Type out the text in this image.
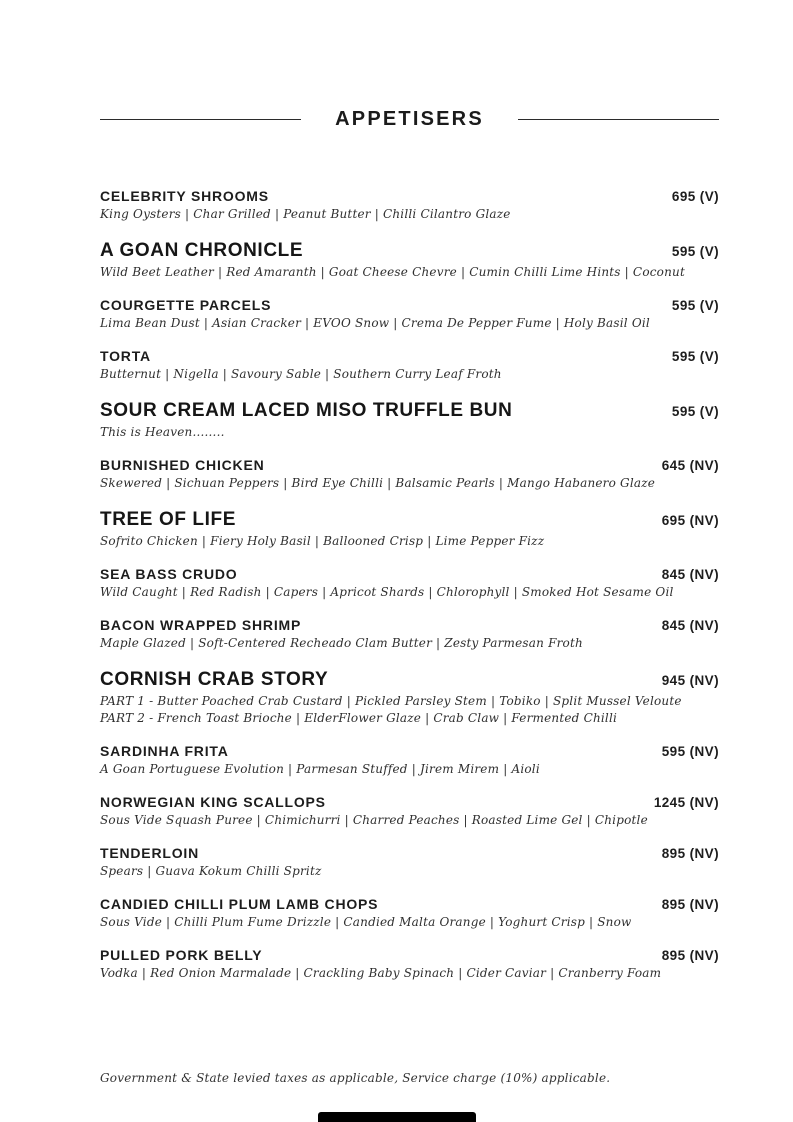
APPETISERS
CELEBRITY SHROOMS	695 (V)
King Oysters | Char Grilled | Peanut Butter | Chilli Cilantro Glaze
A GOAN CHRONICLE	595 (V)
Wild Beet Leather | Red Amaranth | Goat Cheese Chevre | Cumin Chilli Lime Hints | Coconut
COURGETTE PARCELS	595 (V)
Lima Bean Dust | Asian Cracker | EVOO Snow | Crema De Pepper Fume | Holy Basil Oil
TORTA	595 (V)
Butternut | Nigella | Savoury Sable | Southern Curry Leaf Froth
SOUR CREAM LACED MISO TRUFFLE BUN	595 (V)
This is Heaven........
BURNISHED CHICKEN	645 (NV)
Skewered | Sichuan Peppers | Bird Eye Chilli | Balsamic Pearls | Mango Habanero Glaze
TREE OF LIFE	695 (NV)
Sofrito Chicken | Fiery Holy Basil | Ballooned Crisp | Lime Pepper Fizz
SEA BASS CRUDO	845 (NV)
Wild Caught | Red Radish | Capers | Apricot Shards | Chlorophyll | Smoked Hot Sesame Oil
BACON WRAPPED SHRIMP	845 (NV)
Maple Glazed | Soft-Centered Recheado Clam Butter | Zesty Parmesan Froth
CORNISH CRAB STORY	945 (NV)
PART 1 - Butter Poached Crab Custard | Pickled Parsley Stem | Tobiko | Split Mussel Veloute
PART 2 - French Toast Brioche | ElderFlower Glaze | Crab Claw | Fermented Chilli
SARDINHA FRITA	595 (NV)
A Goan Portuguese Evolution | Parmesan Stuffed | Jirem Mirem | Aioli
NORWEGIAN KING SCALLOPS	1245 (NV)
Sous Vide Squash Puree | Chimichurri | Charred Peaches | Roasted Lime Gel | Chipotle
TENDERLOIN	895 (NV)
Spears | Guava Kokum Chilli Spritz
CANDIED CHILLI PLUM LAMB CHOPS	895 (NV)
Sous Vide | Chilli Plum Fume Drizzle | Candied Malta Orange | Yoghurt Crisp | Snow
PULLED PORK BELLY	895 (NV)
Vodka | Red Onion Marmalade | Crackling Baby Spinach | Cider Caviar | Cranberry Foam
Government & State levied taxes as applicable, Service charge (10%) applicable.
